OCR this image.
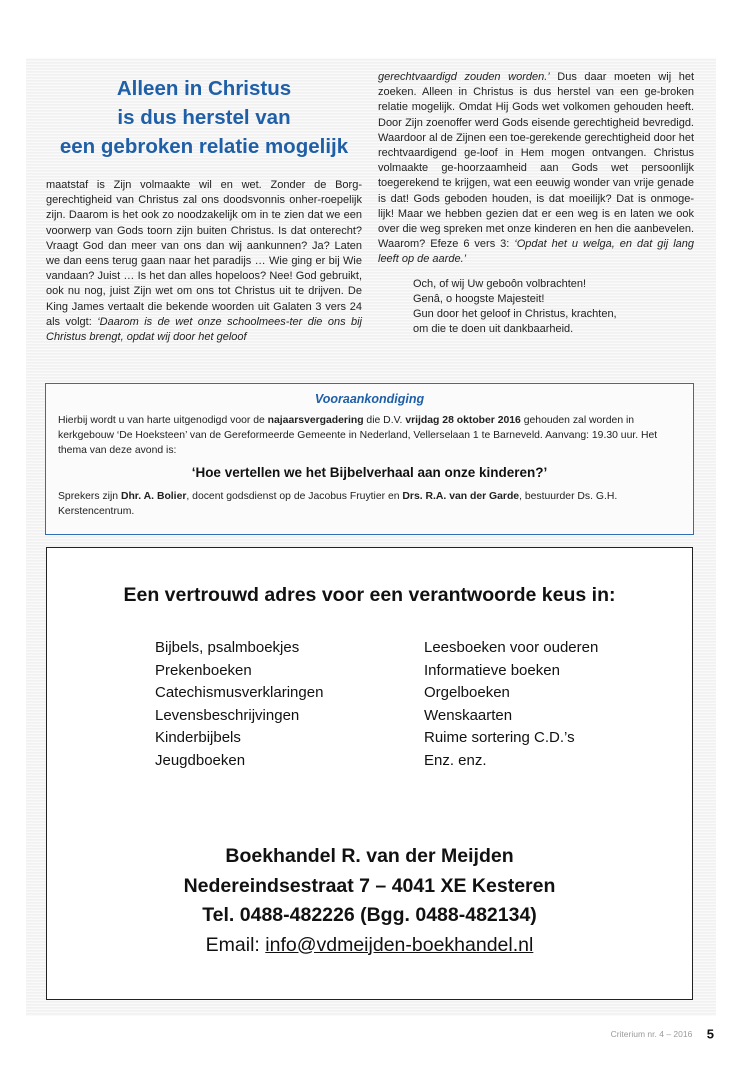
Alleen in Christus
is dus herstel van
een gebroken relatie mogelijk

maatstaf is Zijn volmaakte wil en wet. Zonder de Borg-gerechtigheid van Christus zal ons doodsvonnis onher-roepelijk zijn. Daarom is het ook zo noodzakelijk om in te zien dat we een voorwerp van Gods toorn zijn buiten Christus. Is dat onterecht? Vraagt God dan meer van ons dan wij aankunnen? Ja? Laten we dan eens terug gaan naar het paradijs … Wie ging er bij Wie vandaan? Juist … Is het dan alles hopeloos? Nee! God gebruikt, ook nu nog, juist Zijn wet om ons tot Christus uit te drijven. De King James vertaalt die bekende woorden uit Galaten 3 vers 24 als volgt: ‘Daarom is de wet onze schoolmees-ter die ons bij Christus brengt, opdat wij door het geloof

gerechtvaardigd zouden worden.’ Dus daar moeten wij het zoeken. Alleen in Christus is dus herstel van een ge-broken relatie mogelijk. Omdat Hij Gods wet volkomen gehouden heeft. Door Zijn zoenoffer werd Gods eisende gerechtigheid bevredigd. Waardoor al de Zijnen een toe-gerekende gerechtigheid door het rechtvaardigend ge-loof in Hem mogen ontvangen. Christus volmaakte ge-hoorzaamheid aan Gods wet persoonlijk toegerekend te krijgen, wat een eeuwig wonder van vrije genade is dat! Gods geboden houden, is dat moeilijk? Dat is onmoge-lijk! Maar we hebben gezien dat er een weg is en laten we ook over die weg spreken met onze kinderen en hen die aanbevelen. Waarom? Efeze 6 vers 3: ‘Opdat het u welga, en dat gij lang leeft op de aarde.’

Och, of wij Uw geboôn volbrachten!
Genâ, o hoogste Majesteit!
Gun door het geloof in Christus, krachten,
om die te doen uit dankbaarheid.
Vooraankondiging

Hierbij wordt u van harte uitgenodigd voor de najaarsvergadering die D.V. vrijdag 28 oktober 2016 gehouden zal worden in kerkgebouw ‘De Hoeksteen’ van de Gereformeerde Gemeente in Nederland, Vellerselaan 1 te Barneveld. Aanvang: 19.30 uur. Het thema van deze avond is:

‘Hoe vertellen we het Bijbelverhaal aan onze kinderen?’

Sprekers zijn Dhr. A. Bolier, docent godsdienst op de Jacobus Fruytier en Drs. R.A. van der Garde, bestuurder Ds. G.H. Kerstencentrum.

Een vertrouwd adres voor een verantwoorde keus in:
Bijbels, psalmboekjes
Prekenboeken
Catechismusverklaringen
Levensbeschrijvingen
Kinderbijbels
Jeugdboeken
Leesboeken voor ouderen
Informatieve boeken
Orgelboeken
Wenskaarten
Ruime sortering C.D.’s
Enz. enz.
Boekhandel R. van der Meijden
Nedereindsestraat 7 – 4041 XE Kesteren
Tel. 0488-482226 (Bgg. 0488-482134)
Email: info@vdmeijden-boekhandel.nl
Criterium nr. 4 – 2016 5
